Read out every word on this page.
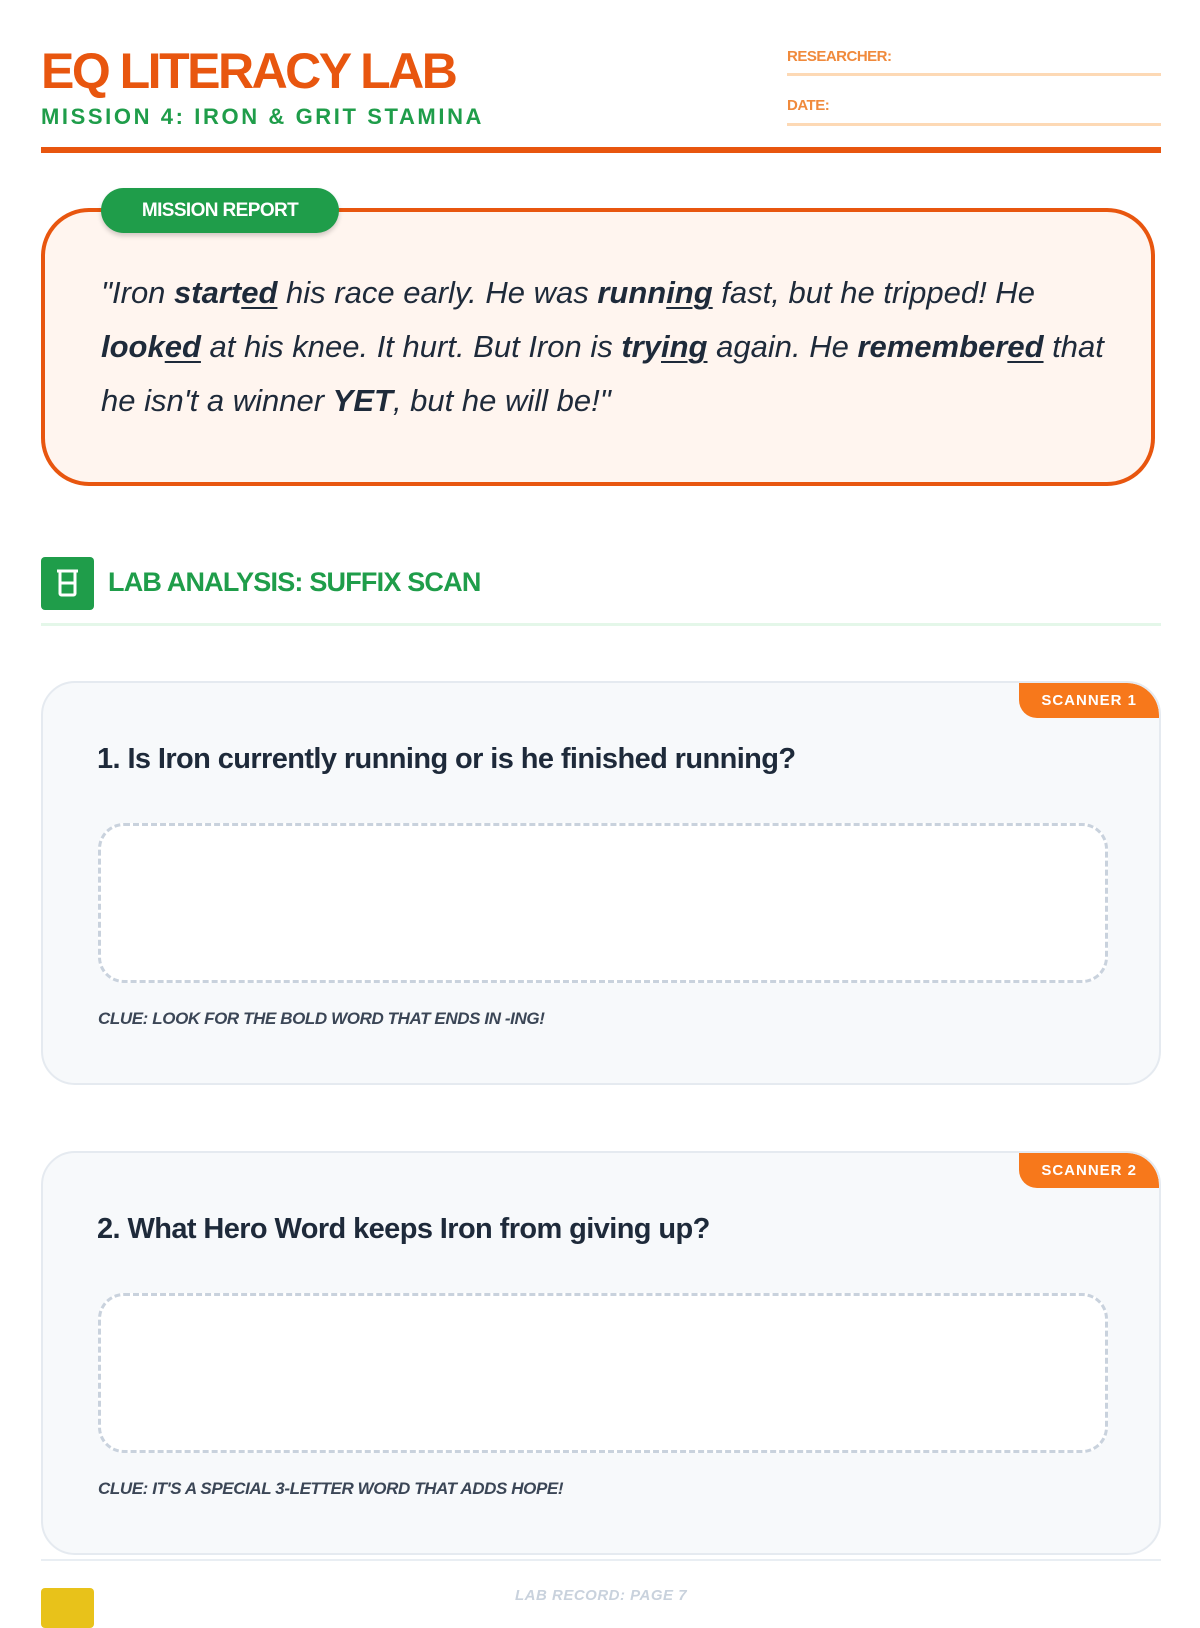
EQ LITERACY LAB
MISSION 4: IRON & GRIT STAMINA
RESEARCHER:
DATE:
MISSION REPORT
"Iron started his race early. He was running fast, but he tripped! He looked at his knee. It hurt. But Iron is trying again. He remembered that he isn't a winner YET, but he will be!"
LAB ANALYSIS: SUFFIX SCAN
SCANNER 1
1. Is Iron currently running or is he finished running?
CLUE: LOOK FOR THE BOLD WORD THAT ENDS IN -ING!
SCANNER 2
2. What Hero Word keeps Iron from giving up?
CLUE: IT'S A SPECIAL 3-LETTER WORD THAT ADDS HOPE!
LAB RECORD: PAGE 7
